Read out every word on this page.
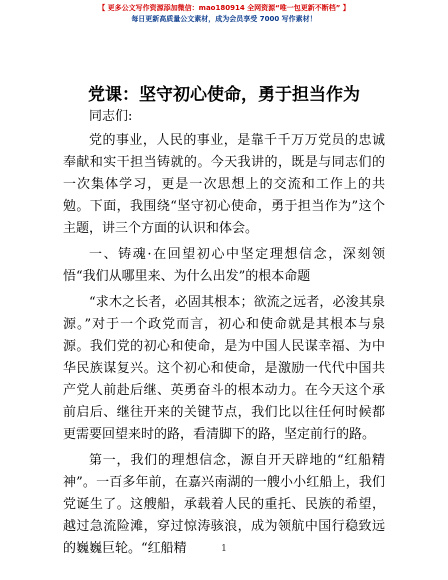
【 更多公文写作资源添加微信：mao180914 全网资源“唯一包更新不断档” 】
每日更新高质量公文素材，成为会员享受 7000 写作素材！
党课：坚守初心使命，勇于担当作为

同志们:

党的事业，人民的事业，是靠千千万万党员的忠诚奉献和实干担当铸就的。今天我讲的，既是与同志们的一次集体学习，更是一次思想上的交流和工作上的共勉。下面，我围绕“坚守初心使命，勇于担当作为”这个主题，讲三个方面的认识和体会。

一、铸魂·在回望初心中坚定理想信念，深刻领悟“我们从哪里来、为什么出发”的根本命题

“求木之长者，必固其根本；欲流之远者，必浚其泉源。”对于一个政党而言，初心和使命就是其根本与泉源。我们党的初心和使命，是为中国人民谋幸福、为中华民族谋复兴。这个初心和使命，是激励一代代中国共产党人前赴后继、英勇奋斗的根本动力。在今天这个承前启后、继往开来的关键节点，我们比以往任何时候都更需要回望来时的路，看清脚下的路，坚定前行的路。

第一，我们的理想信念，源自开天辟地的“红船精神”。一百多年前，在嘉兴南湖的一艘小小红船上，我们党诞生了。这艘船，承载着人民的重托、民族的希望，越过急流险滩，穿过惊涛骇浪，成为领航中国行稳致远的巍巍巨轮。“红船精	1
